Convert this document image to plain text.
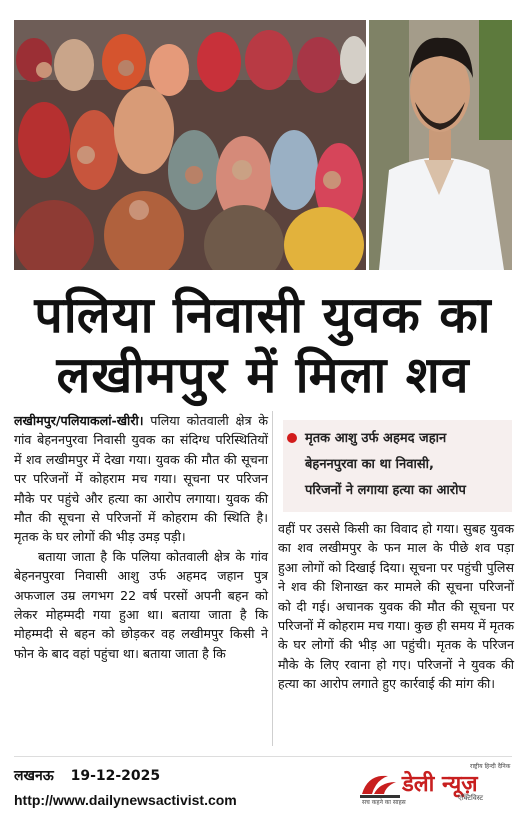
पलिया निवासी युवक का
लखीमपुर में मिला शव

लखीमपुर/पलियाकलां-खीरी। पलिया कोतवाली क्षेत्र के गांव बेहननपुरवा निवासी युवक का संदिग्ध परिस्थितियों में शव लखीमपुर में देखा गया। युवक की मौत की सूचना पर परिजनों में कोहराम मच गया। सूचना पर परिजन मौके पर पहुंचे और हत्या का आरोप लगाया। युवक की मौत की सूचना से परिजनों में कोहराम की स्थिति है। मृतक के घर लोगों की भीड़ उमड़ पड़ी।

बताया जाता है कि पलिया कोतवाली क्षेत्र के गांव बेहननपुरवा निवासी आशु उर्फ अहमद जहान पुत्र अफजाल उम्र लगभग 22 वर्ष परसों अपनी बहन को लेकर मोहम्मदी गया हुआ था। बताया जाता है कि मोहम्मदी से बहन को छोड़कर वह लखीमपुर किसी ने फोन के बाद वहां पहुंचा था। बताया जाता है कि

मृतक आशु उर्फ अहमद जहान
बेहननपुरवा का था निवासी,
परिजनों ने लगाया हत्या का आरोप

वहीं पर उससे किसी का विवाद हो गया। सुबह युवक का शव लखीमपुर के फन माल के पीछे शव पड़ा हुआ लोगों को दिखाई दिया। सूचना पर पहुंची पुलिस ने शव की शिनाख्त कर मामले की सूचना परिजनों को दी गई। अचानक युवक की मौत की सूचना पर परिजनों में कोहराम मच गया। कुछ ही समय में मृतक के घर लोगों की भीड़ आ पहुंची। मृतक के परिजन मौके के लिए रवाना हो गए। परिजनों ने युवक की हत्या का आरोप लगाते हुए कार्रवाई की मांग की।

लखनऊ 19-12-2025
http://www.dailynewsactivist.com
राष्ट्रीय हिन्दी दैनिक
डेली न्यूज़
एक्टिविस्ट
सच कहने का साहस
